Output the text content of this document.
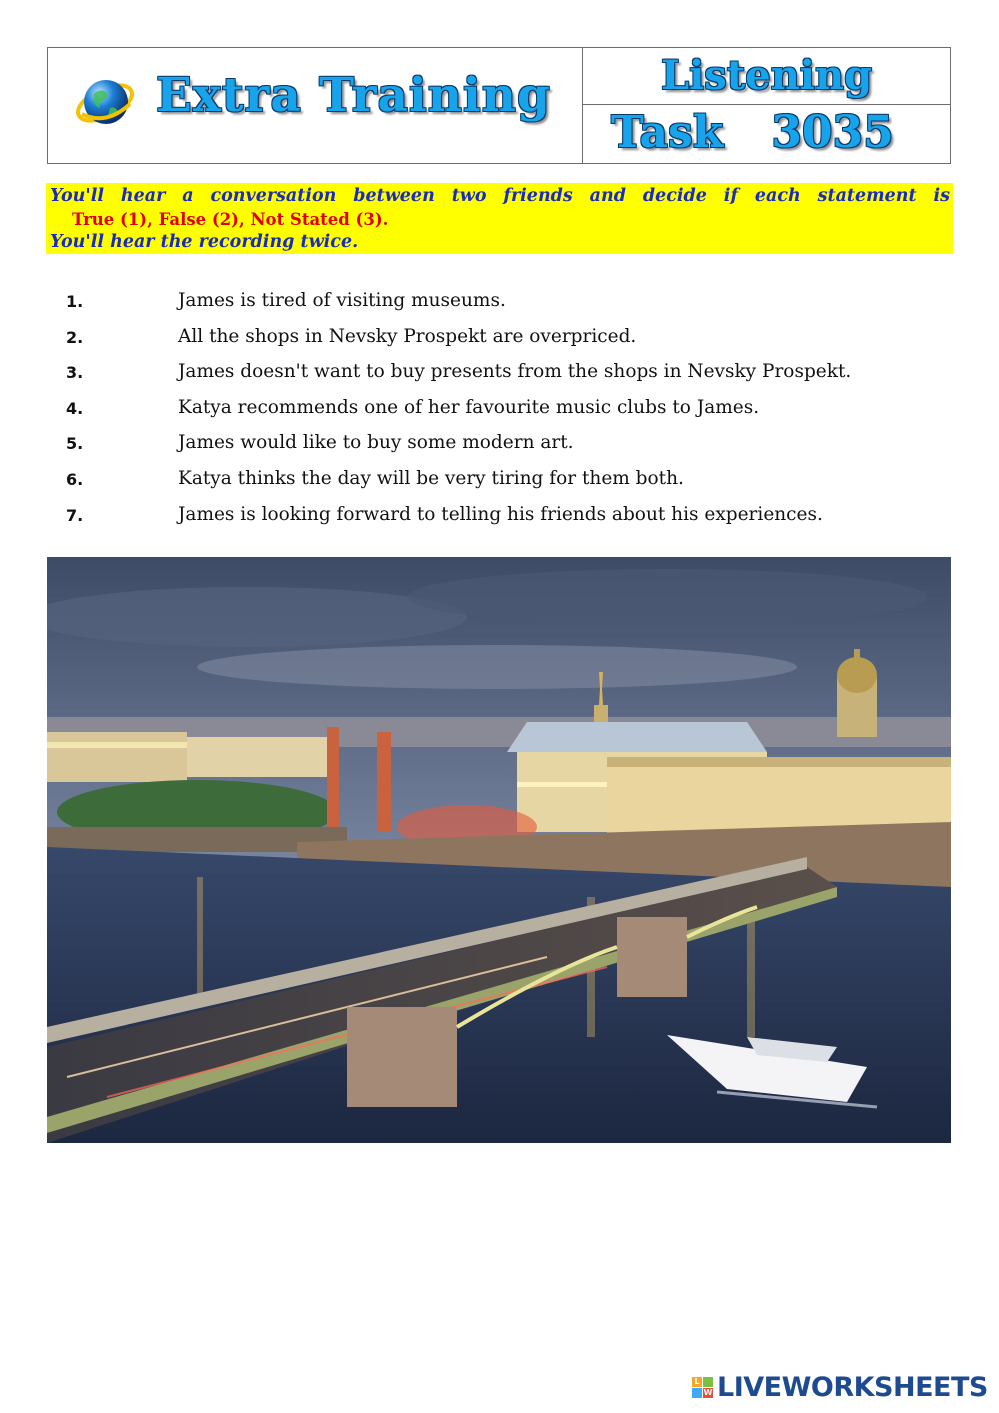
Extra Training	Listening
Task 3035
You'll hear a conversation between two friends and decide if each statement is
True (1), False (2), Not Stated (3).
You'll hear the recording twice.
1.	James is tired of visiting museums.
2.	All the shops in Nevsky Prospekt are overpriced.
3.	James doesn't want to buy presents from the shops in Nevsky Prospekt.
4.	Katya recommends one of her favourite music clubs to James.
5.	James would like to buy some modern art.
6.	Katya thinks the day will be very tiring for them both.
7.	James is looking forward to telling his friends about his experiences.
L
W LIVEWORKSHEETS
